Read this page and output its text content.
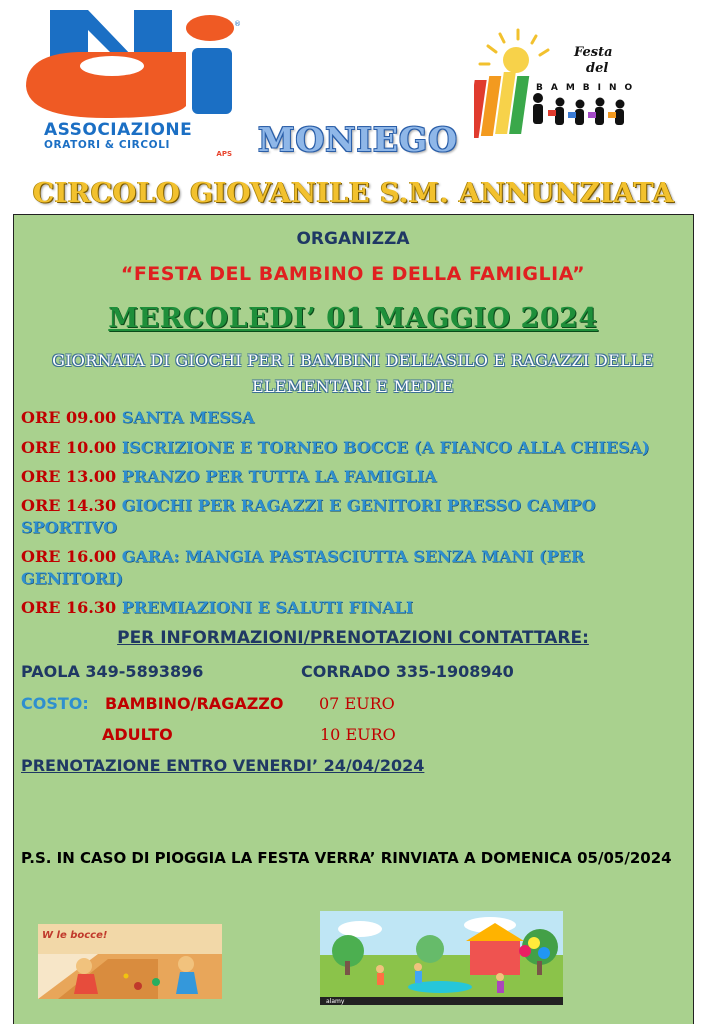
®
ASSOCIAZIONE
ORATORI & CIRCOLI
APS MONIEGO
Festa
del
BAMBINO
CIRCOLO GIOVANILE S.M. ANNUNZIATA
ORGANIZZA
“FESTA DEL BAMBINO E DELLA FAMIGLIA”
MERCOLEDI’ 01 MAGGIO 2024
GIORNATA DI GIOCHI PER I BAMBINI DELL’ASILO E RAGAZZI DELLE ELEMENTARI E MEDIE
ORE 09.00 SANTA MESSA
ORE 10.00 ISCRIZIONE E TORNEO BOCCE (A FIANCO ALLA CHIESA)
ORE 13.00 PRANZO PER TUTTA LA FAMIGLIA
ORE 14.30 GIOCHI PER RAGAZZI E GENITORI PRESSO CAMPO SPORTIVO
ORE 16.00 GARA: MANGIA PASTASCIUTTA SENZA MANI (PER GENITORI)
ORE 16.30 PREMIAZIONI E SALUTI FINALI
PER INFORMAZIONI/PRENOTAZIONI CONTATTARE:
PAOLA 349-5893896	CORRADO 335-1908940
COSTO: BAMBINO/RAGAZZO 07 EURO
ADULTO	10 EURO
PRENOTAZIONE ENTRO VENERDI’ 24/04/2024
P.S. IN CASO DI PIOGGIA LA FESTA VERRA’ RINVIATA A DOMENICA 05/05/2024
W le bocce!
alamy
